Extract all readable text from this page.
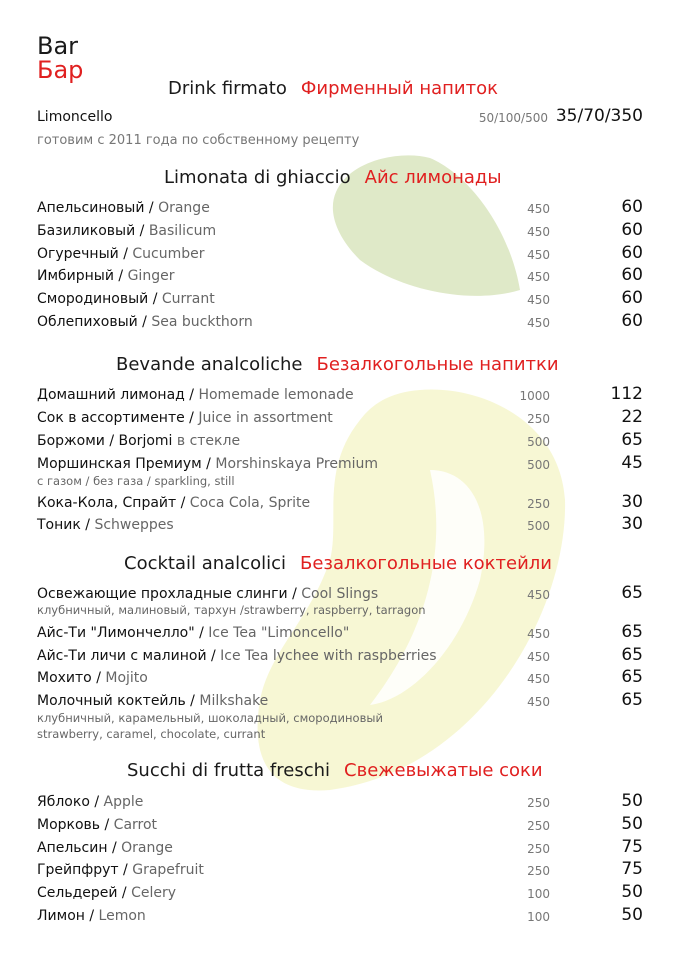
Bar
Бар
Drink firmato Фирменный напиток
Limoncello	50/100/500 35/70/350
готовим с 2011 года по собственному рецепту
Limonata di ghiaccio Айс лимонады
Апельсиновый / Orange	450	60
Базиликовый / Basilicum	450	60
Огуречный / Cucumber	450	60
Имбирный / Ginger	450	60
Смородиновый / Currant	450	60
Облепиховый / Sea buckthorn	450	60
Bevande analcoliche Безалкогольные напитки
Домашний лимонад / Homemade lemonade	1000	112
Сок в ассортименте / Juice in assortment	250	22
Боржоми / Borjomi в стекле	500	65
Моршинская Премиум / Morshinskaya Premium	500	45
с газом / без газа / sparkling, still
Кока-Кола, Спрайт / Coca Cola, Sprite	250	30
Тоник / Schweppes	500	30
Cocktail analcolici Безалкогольные коктейли
Освежающие прохладные слинги / Cool Slings	450	65
клубничный, малиновый, тархун /strawberry, raspberry, tarragon
Айс-Ти "Лимончелло" / Ice Tea "Limoncello"	450	65
Айс-Ти личи с малиной / Ice Tea lychee with raspberries	450	65
Мохито / Mojito	450	65
Молочный коктейль / Milkshake	450	65
клубничный, карамельный, шоколадный, смородиновый
strawberry, caramel, chocolate, currant
Succhi di frutta freschi Свежевыжатые соки
Яблоко / Apple	250	50
Морковь / Carrot	250	50
Апельсин / Orange	250	75
Грейпфрут / Grapefruit	250	75
Сельдерей / Celery	100	50
Лимон / Lemon	100	50
